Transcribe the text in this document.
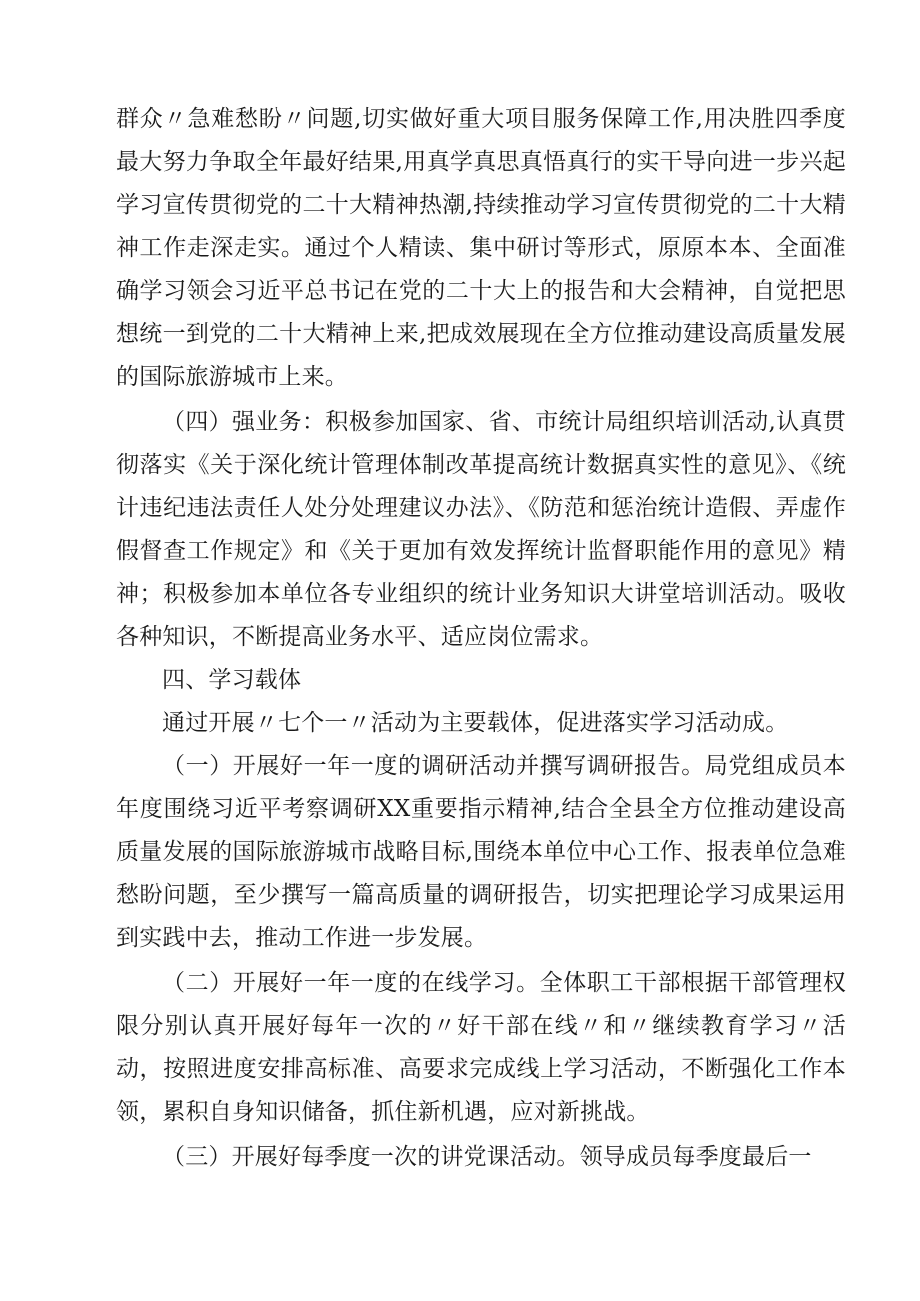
群众〃急难愁盼〃问题,切实做好重大项目服务保障工作,用决胜四季度最大努力争取全年最好结果,用真学真思真悟真行的实干导向进一步兴起学习宣传贯彻党的二十大精神热潮,持续推动学习宣传贯彻党的二十大精神工作走深走实。通过个人精读、集中研讨等形式，原原本本、全面准确学习领会习近平总书记在党的二十大上的报告和大会精神，自觉把思想统一到党的二十大精神上来,把成效展现在全方位推动建设高质量发展的国际旅游城市上来。

（四）强业务：积极参加国家、省、市统计局组织培训活动,认真贯彻落实《关于深化统计管理体制改革提高统计数据真实性的意见》、《统计违纪违法责任人处分处理建议办法》、《防范和惩治统计造假、弄虚作假督查工作规定》和《关于更加有效发挥统计监督职能作用的意见》精神；积极参加本单位各专业组织的统计业务知识大讲堂培训活动。吸收各种知识，不断提高业务水平、适应岗位需求。

四、学习载体

通过开展〃七个一〃活动为主要载体，促进落实学习活动成。

（一）开展好一年一度的调研活动并撰写调研报告。局党组成员本年度围绕习近平考察调研XX重要指示精神,结合全县全方位推动建设高质量发展的国际旅游城市战略目标,围绕本单位中心工作、报表单位急难愁盼问题，至少撰写一篇高质量的调研报告，切实把理论学习成果运用到实践中去，推动工作进一步发展。

（二）开展好一年一度的在线学习。全体职工干部根据干部管理权限分别认真开展好每年一次的〃好干部在线〃和〃继续教育学习〃活动，按照进度安排高标准、高要求完成线上学习活动，不断强化工作本领，累积自身知识储备，抓住新机遇，应对新挑战。

（三）开展好每季度一次的讲党课活动。领导成员每季度最后一
